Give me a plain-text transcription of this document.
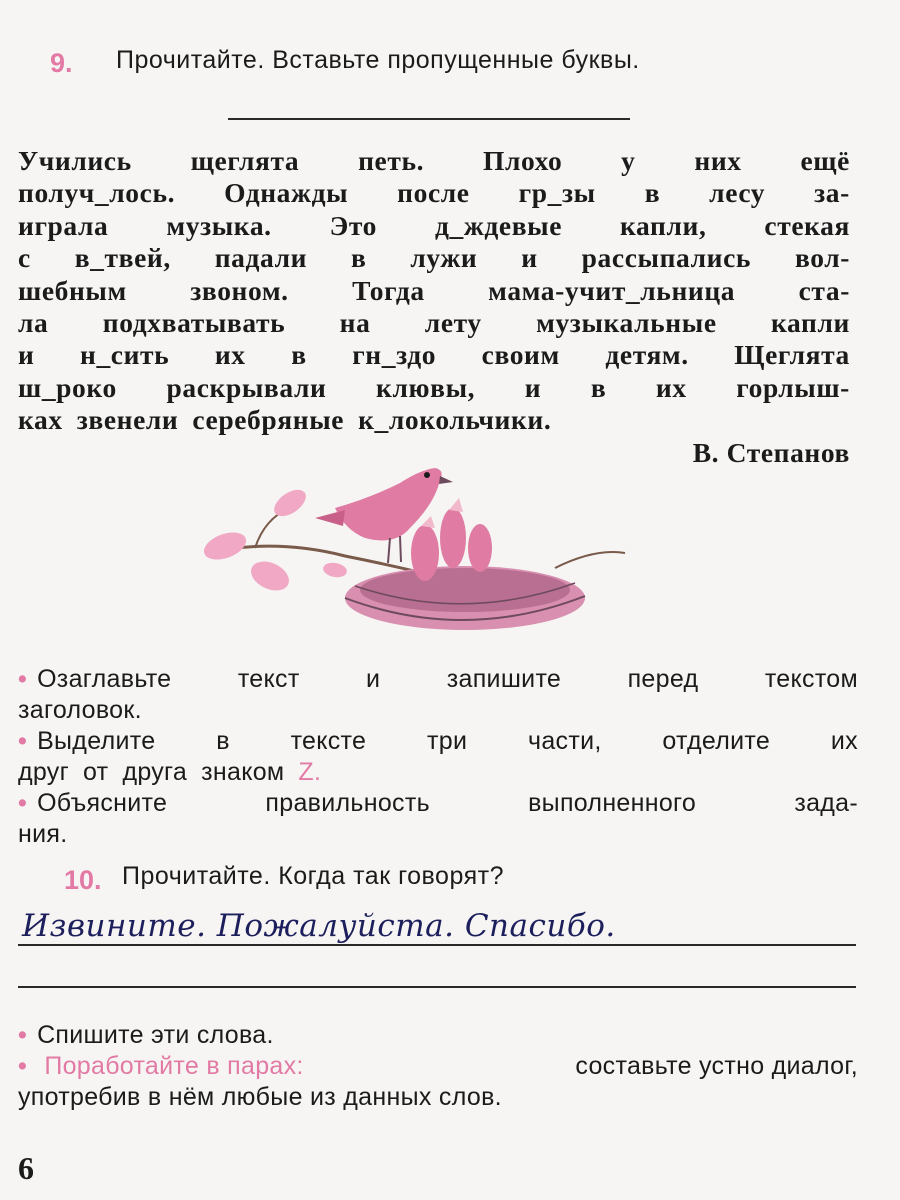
9. Прочитайте. Вставьте пропущенные буквы.
Учились щеглята петь. Плохо у них ещё
получ_лось. Однажды после гр_зы в лесу за-
играла музыка. Это д_ждевые капли, стекая
с в_твей, падали в лужи и рассыпались вол-
шебным звоном. Тогда мама-учит_льница ста-
ла подхватывать на лету музыкальные капли
и н_сить их в гн_здо своим детям. Щеглята
ш_роко раскрывали клювы, и в их горлыш-
ках звенели серебряные к_локольчики.
В. Степанов
• Озаглавьте	текст	и	запишите	перед	текстом
заголовок.
• Выделите в тексте три части, отделите их
друг от друга знаком Z.
• Объясните	правильность	выполненного	зада-
ния.
10. Прочитайте. Когда так говорят?
Извините. Пожалуйста. Спасибо.
• Спишите эти слова.
• Поработайте в парах:	составьте устно диалог,
употребив в нём любые из данных слов.
6
